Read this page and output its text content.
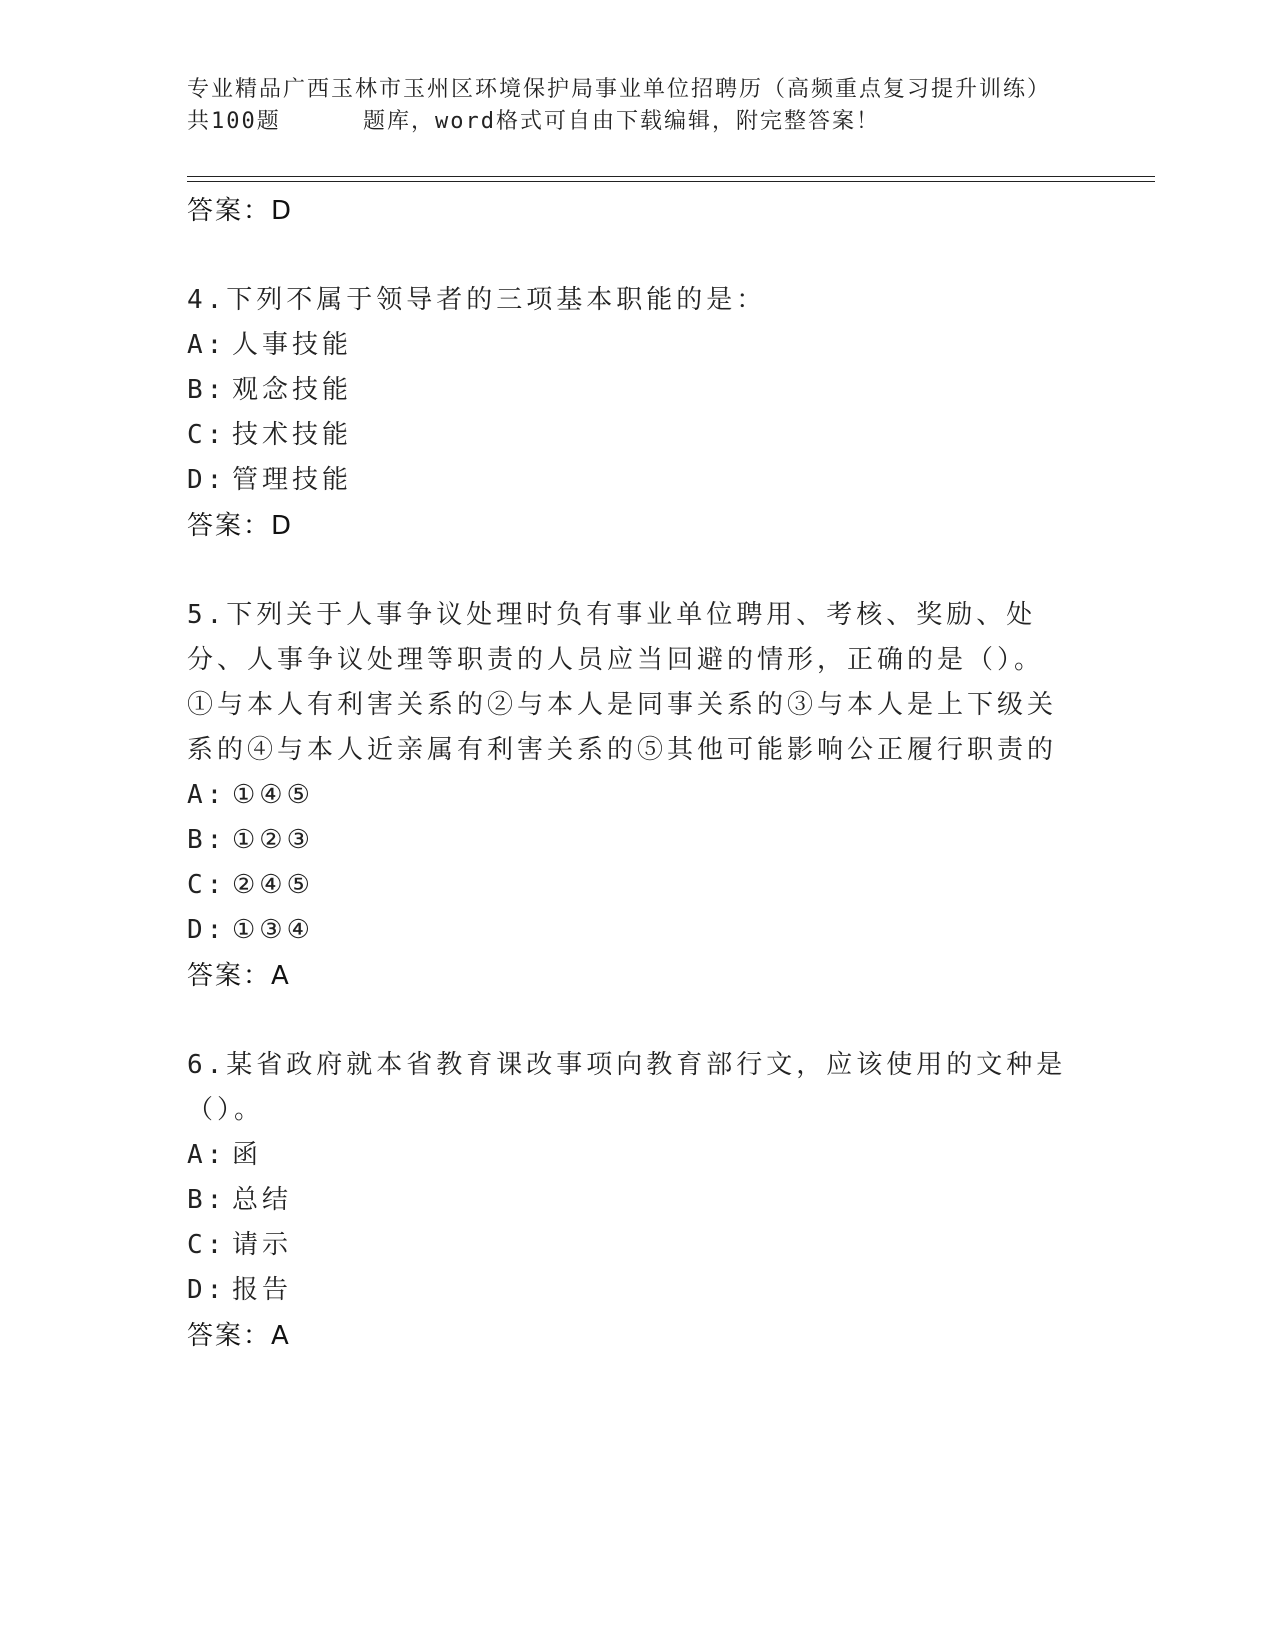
专业精品广西玉林市玉州区环境保护局事业单位招聘历（高频重点复习提升训练）
共100题	题库，word格式可自由下载编辑，附完整答案！
答案：D
4.下列不属于领导者的三项基本职能的是：
A: 人事技能
B: 观念技能
C: 技术技能
D: 管理技能
答案：D
5.下列关于人事争议处理时负有事业单位聘用、考核、奖励、处分、人事争议处理等职责的人员应当回避的情形，正确的是（）。①与本人有利害关系的②与本人是同事关系的③与本人是上下级关系的④与本人近亲属有利害关系的⑤其他可能影响公正履行职责的
A: ①④⑤
B: ①②③
C: ②④⑤
D: ①③④
答案：A
6.某省政府就本省教育课改事项向教育部行文，应该使用的文种是（）。
A: 函
B: 总结
C: 请示
D: 报告
答案：A
